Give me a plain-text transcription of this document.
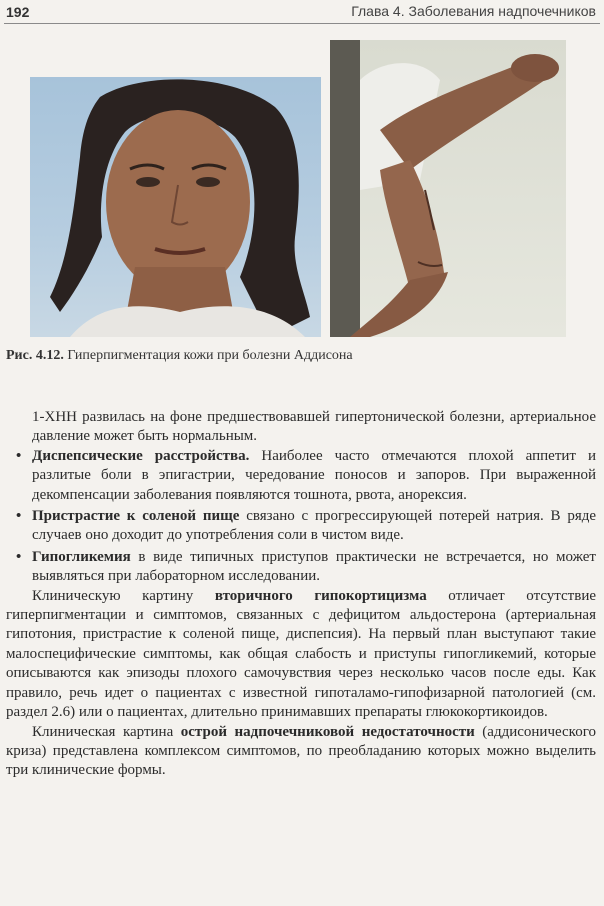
192	Глава 4. Заболевания надпочечников
Рис. 4.12. Гиперпигментация кожи при болезни Аддисона

1-ХНН развилась на фоне предшествовавшей гипертонической болезни, артериальное давление может быть нормальным.

• Диспепсические расстройства. Наиболее часто отмечаются плохой аппетит и разлитые боли в эпигастрии, чередование поносов и запоров. При выраженной декомпенсации заболевания появляются тошнота, рвота, анорексия.

• Пристрастие к соленой пище связано с прогрессирующей потерей натрия. В ряде случаев оно доходит до употребления соли в чистом виде.

• Гипогликемия в виде типичных приступов практически не встречается, но может выявляться при лабораторном исследовании.

Клиническую картину вторичного гипокортицизма отличает отсутствие гиперпигментации и симптомов, связанных с дефицитом альдостерона (артериальная гипотония, пристрастие к соленой пище, диспепсия). На первый план выступают такие малоспецифические симптомы, как общая слабость и приступы гипогликемий, которые описываются как эпизоды плохого самочувствия через несколько часов после еды. Как правило, речь идет о пациентах с известной гипоталамо-гипофизарной патологией (см. раздел 2.6) или о пациентах, длительно принимавших препараты глюкокортикоидов.

Клиническая картина острой надпочечниковой недостаточности (аддисонического криза) представлена комплексом симптомов, по преобладанию которых можно выделить три клинические формы.
